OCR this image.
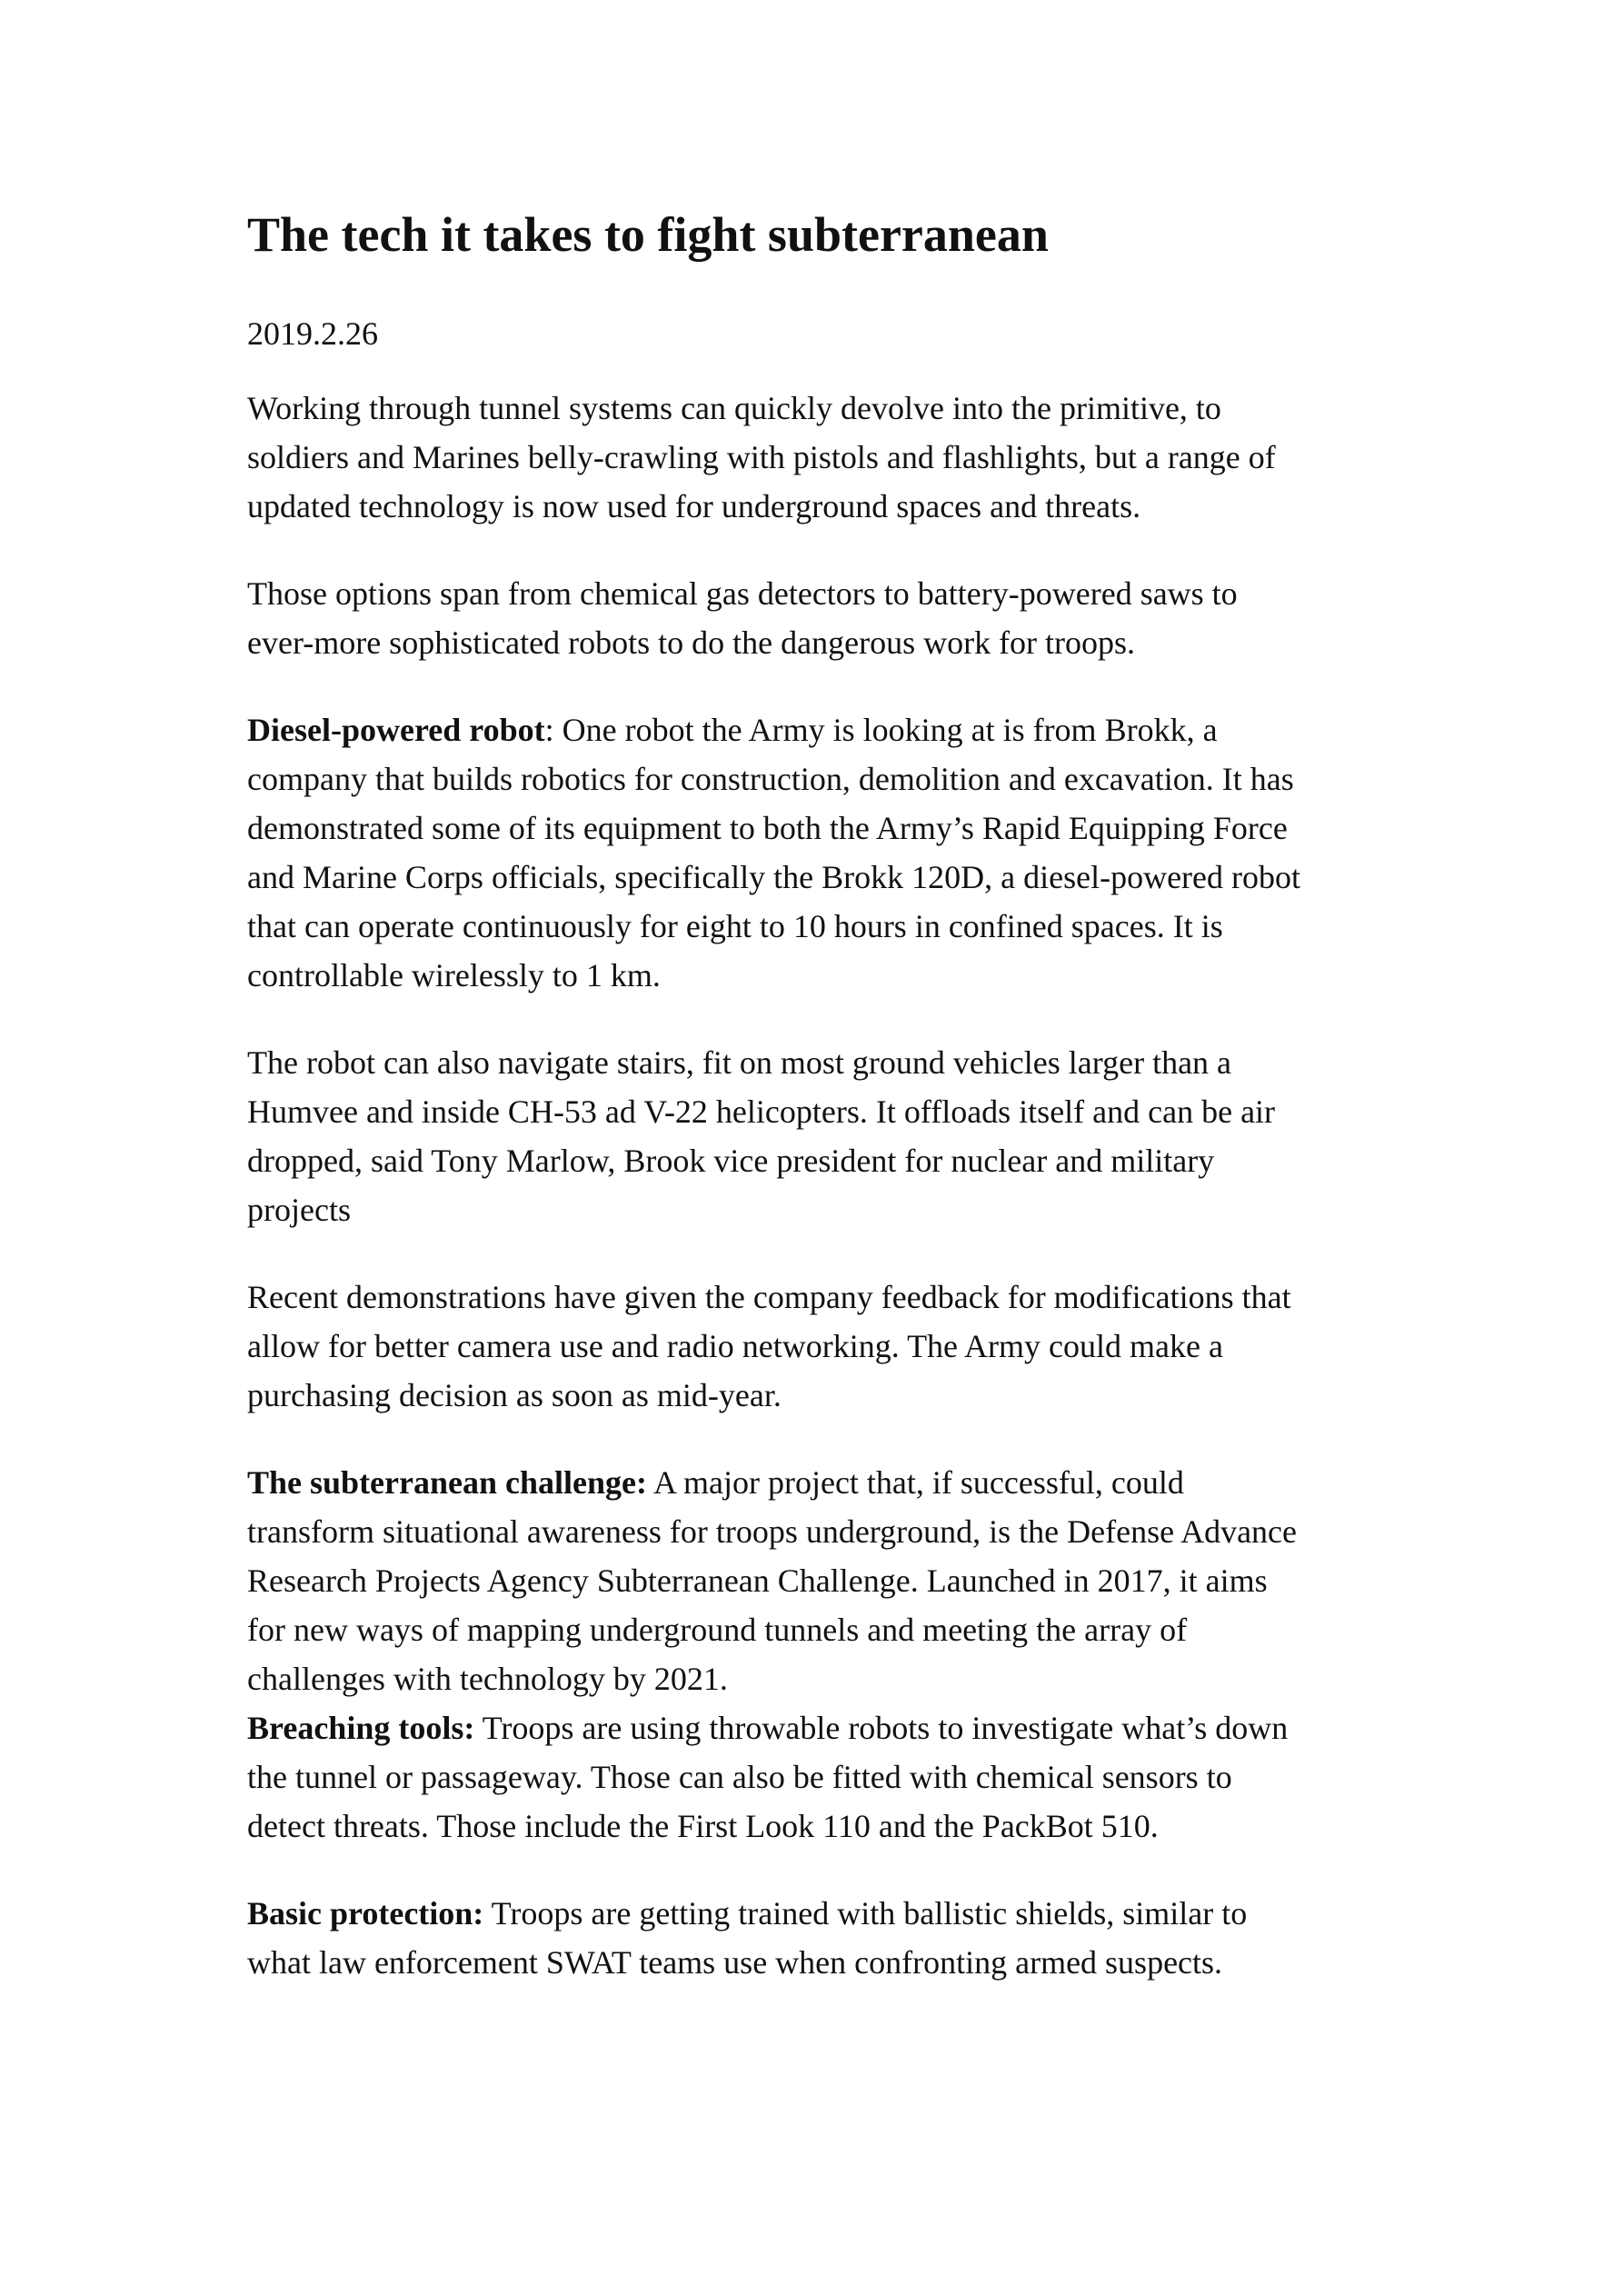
The tech it takes to fight subterranean
2019.2.26

Working through tunnel systems can quickly devolve into the primitive, to
soldiers and Marines belly-crawling with pistols and flashlights, but a range of
updated technology is now used for underground spaces and threats.

Those options span from chemical gas detectors to battery-powered saws to
ever-more sophisticated robots to do the dangerous work for troops.

Diesel-powered robot: One robot the Army is looking at is from Brokk, a
company that builds robotics for construction, demolition and excavation. It has
demonstrated some of its equipment to both the Army’s Rapid Equipping Force
and Marine Corps officials, specifically the Brokk 120D, a diesel-powered robot
that can operate continuously for eight to 10 hours in confined spaces. It is
controllable wirelessly to 1 km.

The robot can also navigate stairs, fit on most ground vehicles larger than a
Humvee and inside CH-53 ad V-22 helicopters. It offloads itself and can be air
dropped, said Tony Marlow, Brook vice president for nuclear and military
projects

Recent demonstrations have given the company feedback for modifications that
allow for better camera use and radio networking. The Army could make a
purchasing decision as soon as mid-year.

The subterranean challenge: A major project that, if successful, could
transform situational awareness for troops underground, is the Defense Advance
Research Projects Agency Subterranean Challenge. Launched in 2017, it aims
for new ways of mapping underground tunnels and meeting the array of
challenges with technology by 2021.

Breaching tools: Troops are using throwable robots to investigate what’s down
the tunnel or passageway. Those can also be fitted with chemical sensors to
detect threats. Those include the First Look 110 and the PackBot 510.

Basic protection: Troops are getting trained with ballistic shields, similar to
what law enforcement SWAT teams use when confronting armed suspects.
